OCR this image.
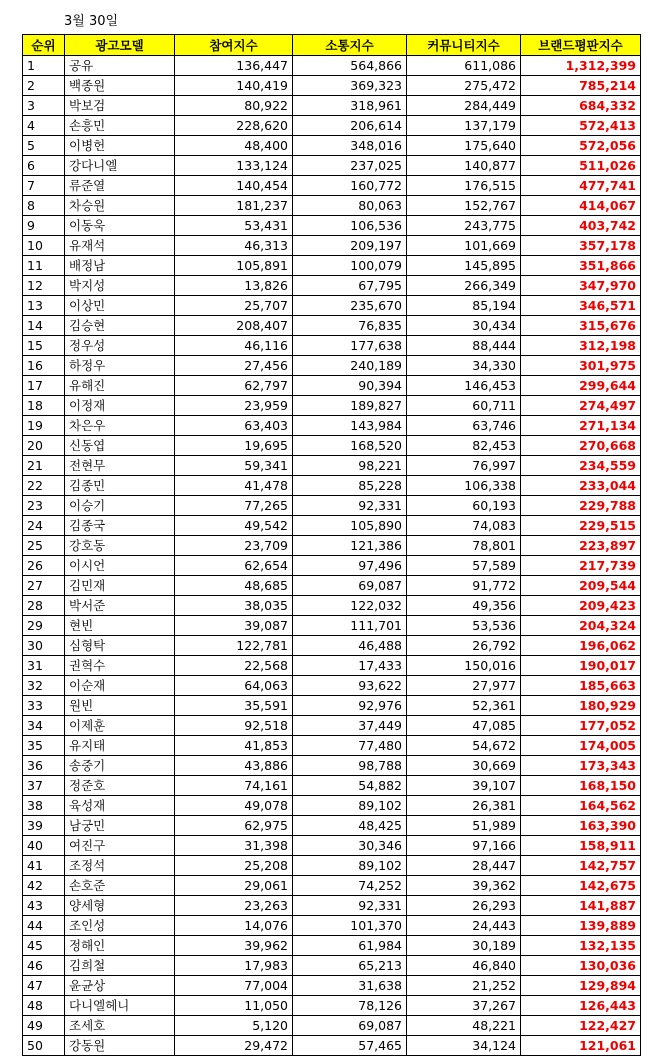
3월 30일
순위	광고모델	참여지수	소통지수	커뮤니티지수	브랜드평판지수
1	공유	136,447	564,866	611,086	1,312,399
2	백종원	140,419	369,323	275,472	785,214
3	박보검	80,922	318,961	284,449	684,332
4	손흥민	228,620	206,614	137,179	572,413
5	이병헌	48,400	348,016	175,640	572,056
6	강다니엘	133,124	237,025	140,877	511,026
7	류준열	140,454	160,772	176,515	477,741
8	차승원	181,237	80,063	152,767	414,067
9	이동욱	53,431	106,536	243,775	403,742
10	유재석	46,313	209,197	101,669	357,178
11	배정남	105,891	100,079	145,895	351,866
12	박지성	13,826	67,795	266,349	347,970
13	이상민	25,707	235,670	85,194	346,571
14	김승현	208,407	76,835	30,434	315,676
15	정우성	46,116	177,638	88,444	312,198
16	하정우	27,456	240,189	34,330	301,975
17	유해진	62,797	90,394	146,453	299,644
18	이정재	23,959	189,827	60,711	274,497
19	차은우	63,403	143,984	63,746	271,134
20	신동엽	19,695	168,520	82,453	270,668
21	전현무	59,341	98,221	76,997	234,559
22	김종민	41,478	85,228	106,338	233,044
23	이승기	77,265	92,331	60,193	229,788
24	김종국	49,542	105,890	74,083	229,515
25	강호동	23,709	121,386	78,801	223,897
26	이시언	62,654	97,496	57,589	217,739
27	김민재	48,685	69,087	91,772	209,544
28	박서준	38,035	122,032	49,356	209,423
29	현빈	39,087	111,701	53,536	204,324
30	심형탁	122,781	46,488	26,792	196,062
31	권혁수	22,568	17,433	150,016	190,017
32	이순재	64,063	93,622	27,977	185,663
33	원빈	35,591	92,976	52,361	180,929
34	이제훈	92,518	37,449	47,085	177,052
35	유지태	41,853	77,480	54,672	174,005
36	송중기	43,886	98,788	30,669	173,343
37	정준호	74,161	54,882	39,107	168,150
38	육성재	49,078	89,102	26,381	164,562
39	남궁민	62,975	48,425	51,989	163,390
40	여진구	31,398	30,346	97,166	158,911
41	조정석	25,208	89,102	28,447	142,757
42	손호준	29,061	74,252	39,362	142,675
43	양세형	23,263	92,331	26,293	141,887
44	조인성	14,076	101,370	24,443	139,889
45	정해인	39,962	61,984	30,189	132,135
46	김희철	17,983	65,213	46,840	130,036
47	윤균상	77,004	31,638	21,252	129,894
48	다니엘헤니	11,050	78,126	37,267	126,443
49	조세호	5,120	69,087	48,221	122,427
50	강동원	29,472	57,465	34,124	121,061
